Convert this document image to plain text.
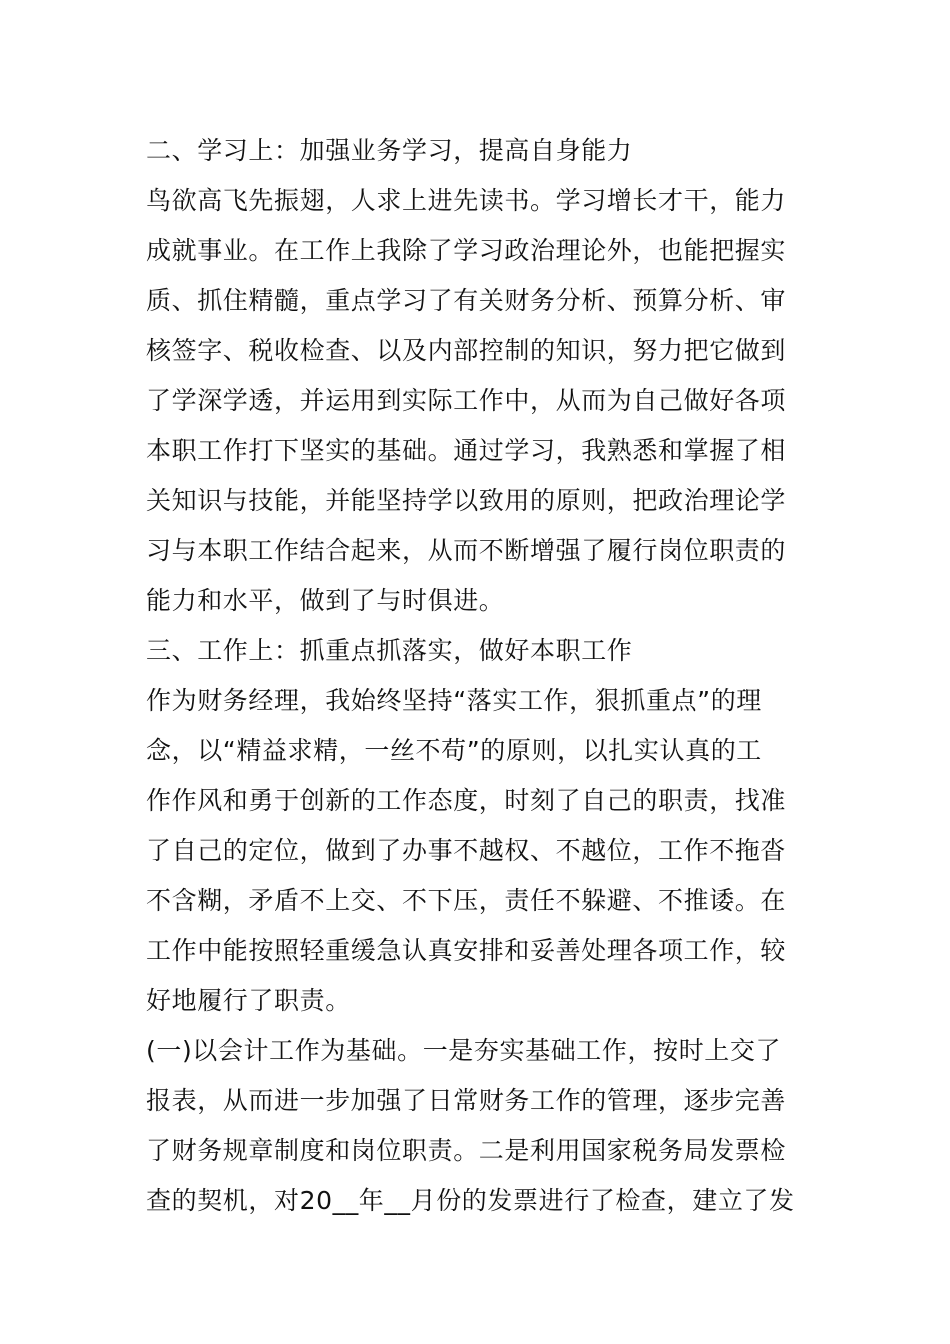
二、学习上：加强业务学习，提高自身能力
鸟欲高飞先振翅，人求上进先读书。学习增长才干，能力
成就事业。在工作上我除了学习政治理论外，也能把握实
质、抓住精髓，重点学习了有关财务分析、预算分析、审
核签字、税收检查、以及内部控制的知识，努力把它做到
了学深学透，并运用到实际工作中，从而为自己做好各项
本职工作打下坚实的基础。通过学习，我熟悉和掌握了相
关知识与技能，并能坚持学以致用的原则，把政治理论学
习与本职工作结合起来，从而不断增强了履行岗位职责的
能力和水平，做到了与时俱进。
三、工作上：抓重点抓落实，做好本职工作
作为财务经理，我始终坚持“落实工作，狠抓重点”的理
念，以“精益求精，一丝不苟”的原则，以扎实认真的工
作作风和勇于创新的工作态度，时刻了自己的职责，找准
了自己的定位，做到了办事不越权、不越位，工作不拖沓
不含糊，矛盾不上交、不下压，责任不躲避、不推诿。在
工作中能按照轻重缓急认真安排和妥善处理各项工作，较
好地履行了职责。
(一)以会计工作为基础。一是夯实基础工作，按时上交了
报表，从而进一步加强了日常财务工作的管理，逐步完善
了财务规章制度和岗位职责。二是利用国家税务局发票检
查的契机，对20__年__月份的发票进行了检查，建立了发
